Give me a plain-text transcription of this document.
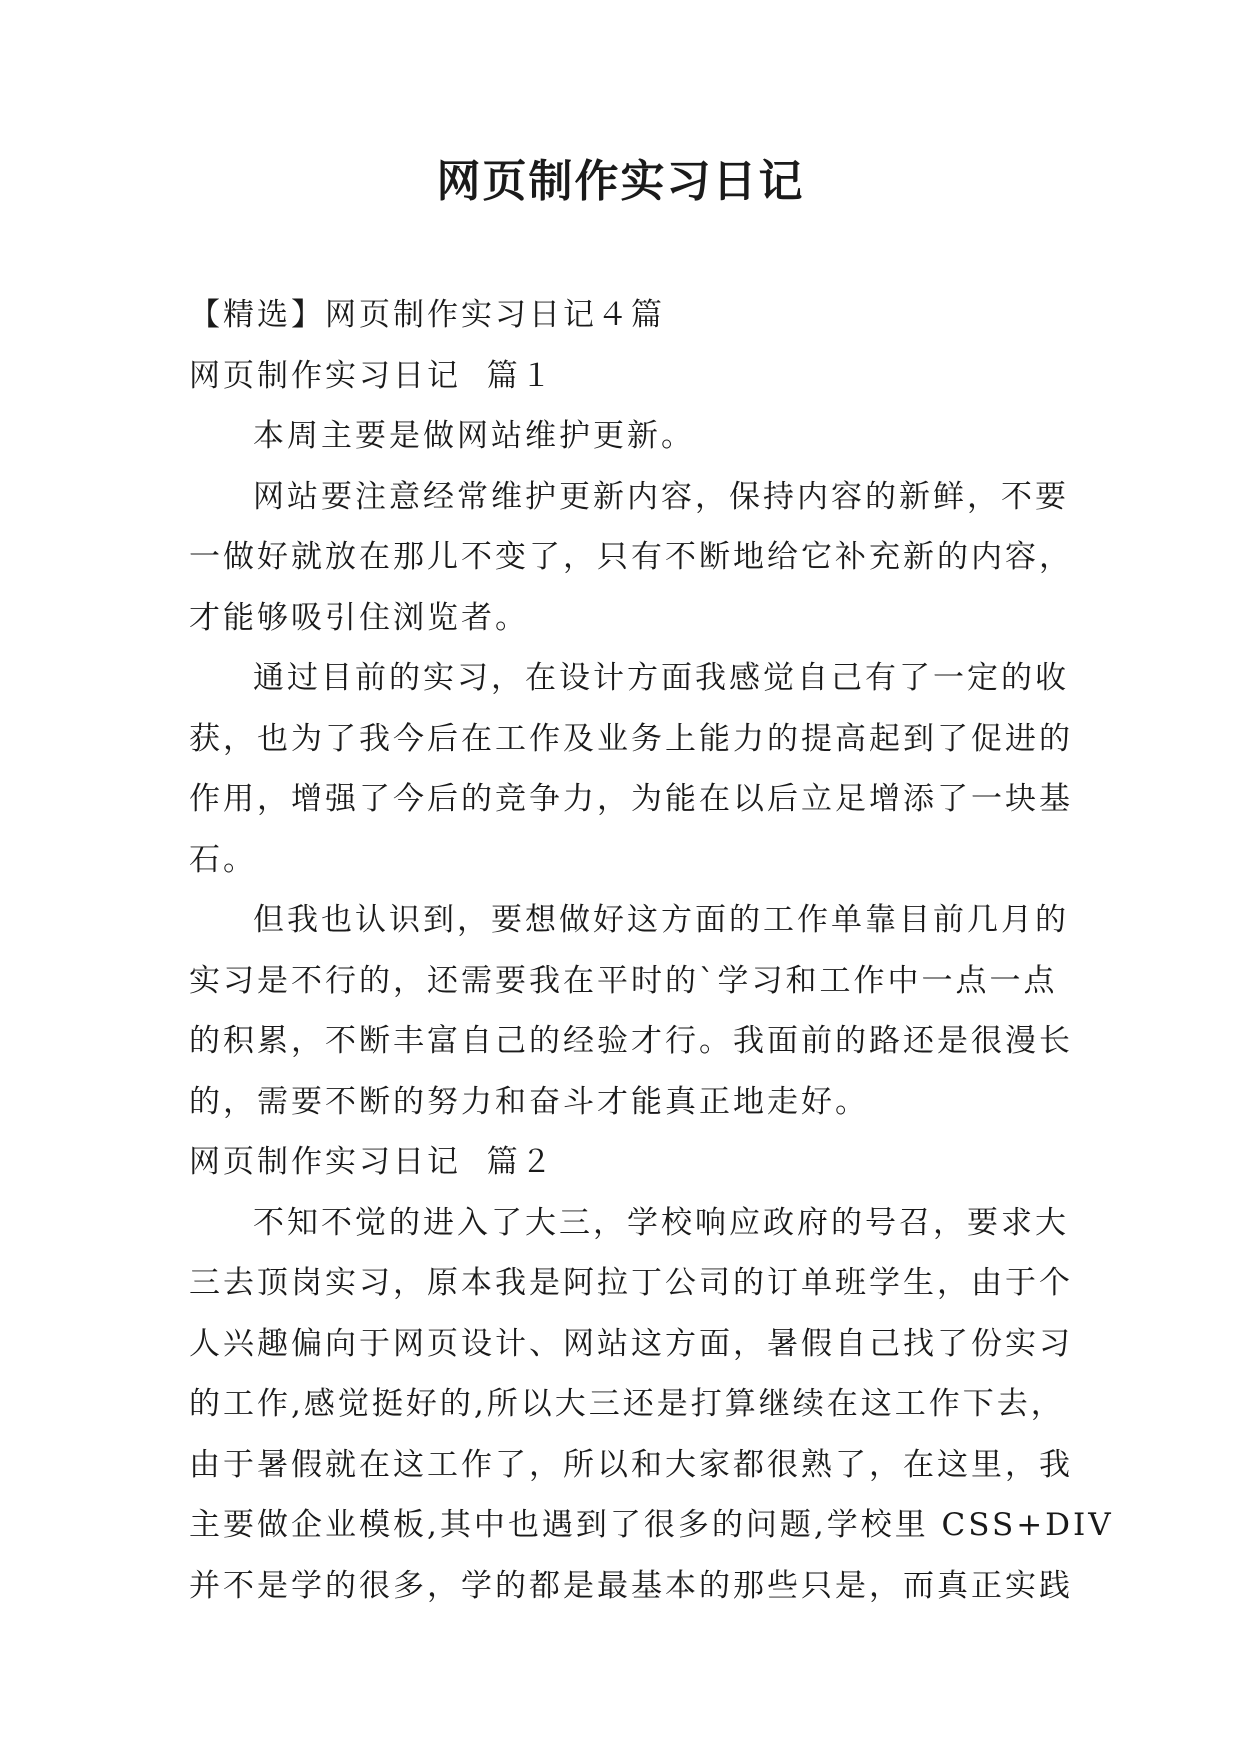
网页制作实习日记

【精选】网页制作实习日记４篇

网页制作实习日记  篇１

本周主要是做网站维护更新。

网站要注意经常维护更新内容，保持内容的新鲜，不要
一做好就放在那儿不变了，只有不断地给它补充新的内容，
才能够吸引住浏览者。

通过目前的实习，在设计方面我感觉自己有了一定的收
获，也为了我今后在工作及业务上能力的提高起到了促进的
作用，增强了今后的竞争力，为能在以后立足增添了一块基
石。

但我也认识到，要想做好这方面的工作单靠目前几月的
实习是不行的，还需要我在平时的`学习和工作中一点一点
的积累，不断丰富自己的经验才行。我面前的路还是很漫长
的，需要不断的努力和奋斗才能真正地走好。

网页制作实习日记  篇２

不知不觉的进入了大三，学校响应政府的号召，要求大
三去顶岗实习，原本我是阿拉丁公司的订单班学生，由于个
人兴趣偏向于网页设计、网站这方面，暑假自己找了份实习
的工作,感觉挺好的,所以大三还是打算继续在这工作下去，
由于暑假就在这工作了，所以和大家都很熟了，在这里，我
主要做企业模板,其中也遇到了很多的问题,学校里 CSS+DIV
并不是学的很多，学的都是最基本的那些只是，而真正实践
